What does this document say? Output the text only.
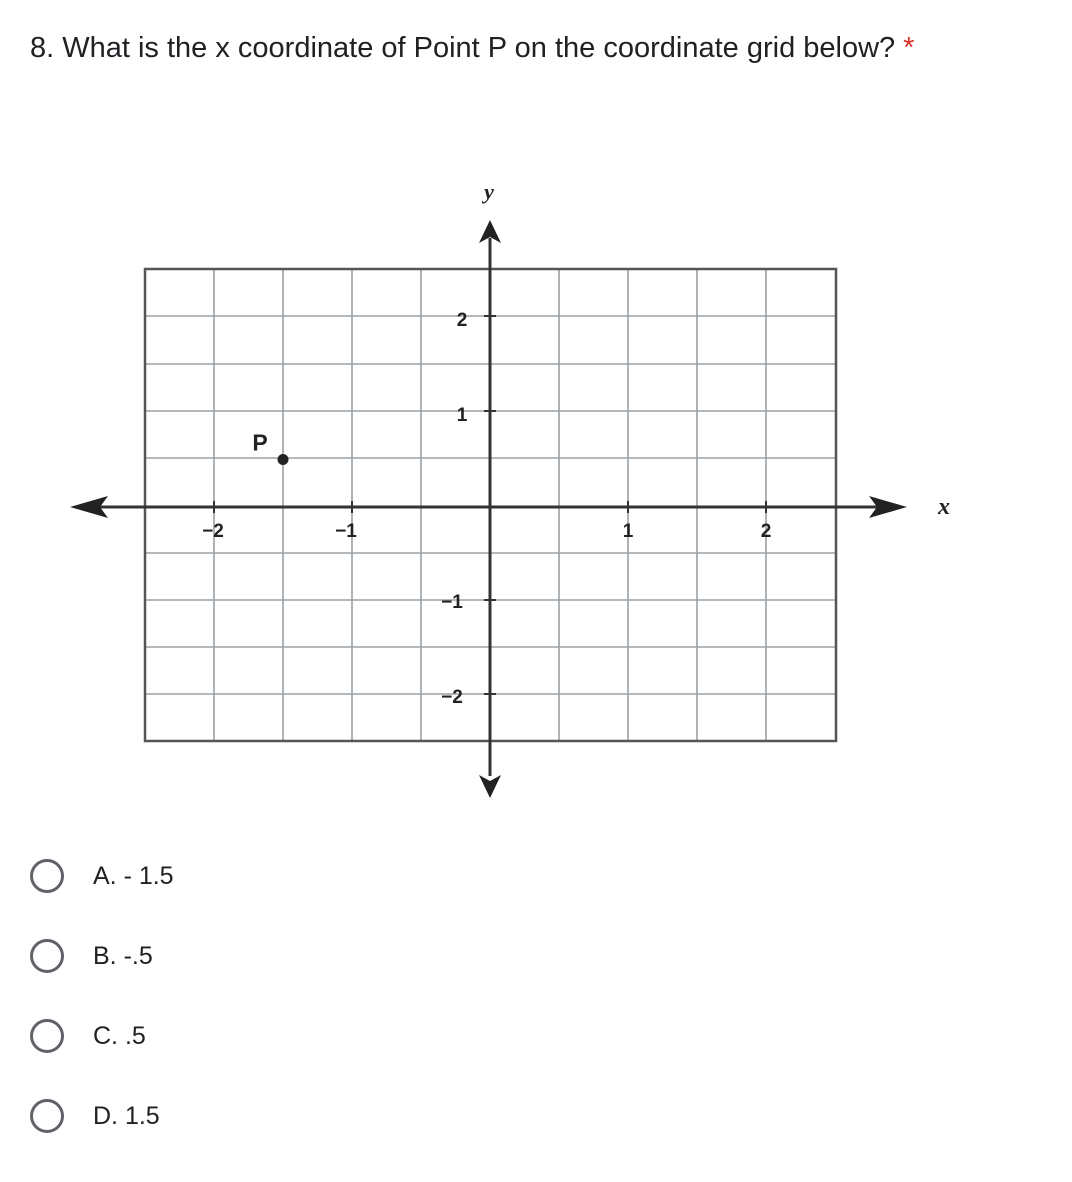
8. What is the x coordinate of Point P on the coordinate grid below? *
y
x
−2	−1	1	2
2
1
−1
−2
P
A. - 1.5
B. -.5
C. .5
D. 1.5
